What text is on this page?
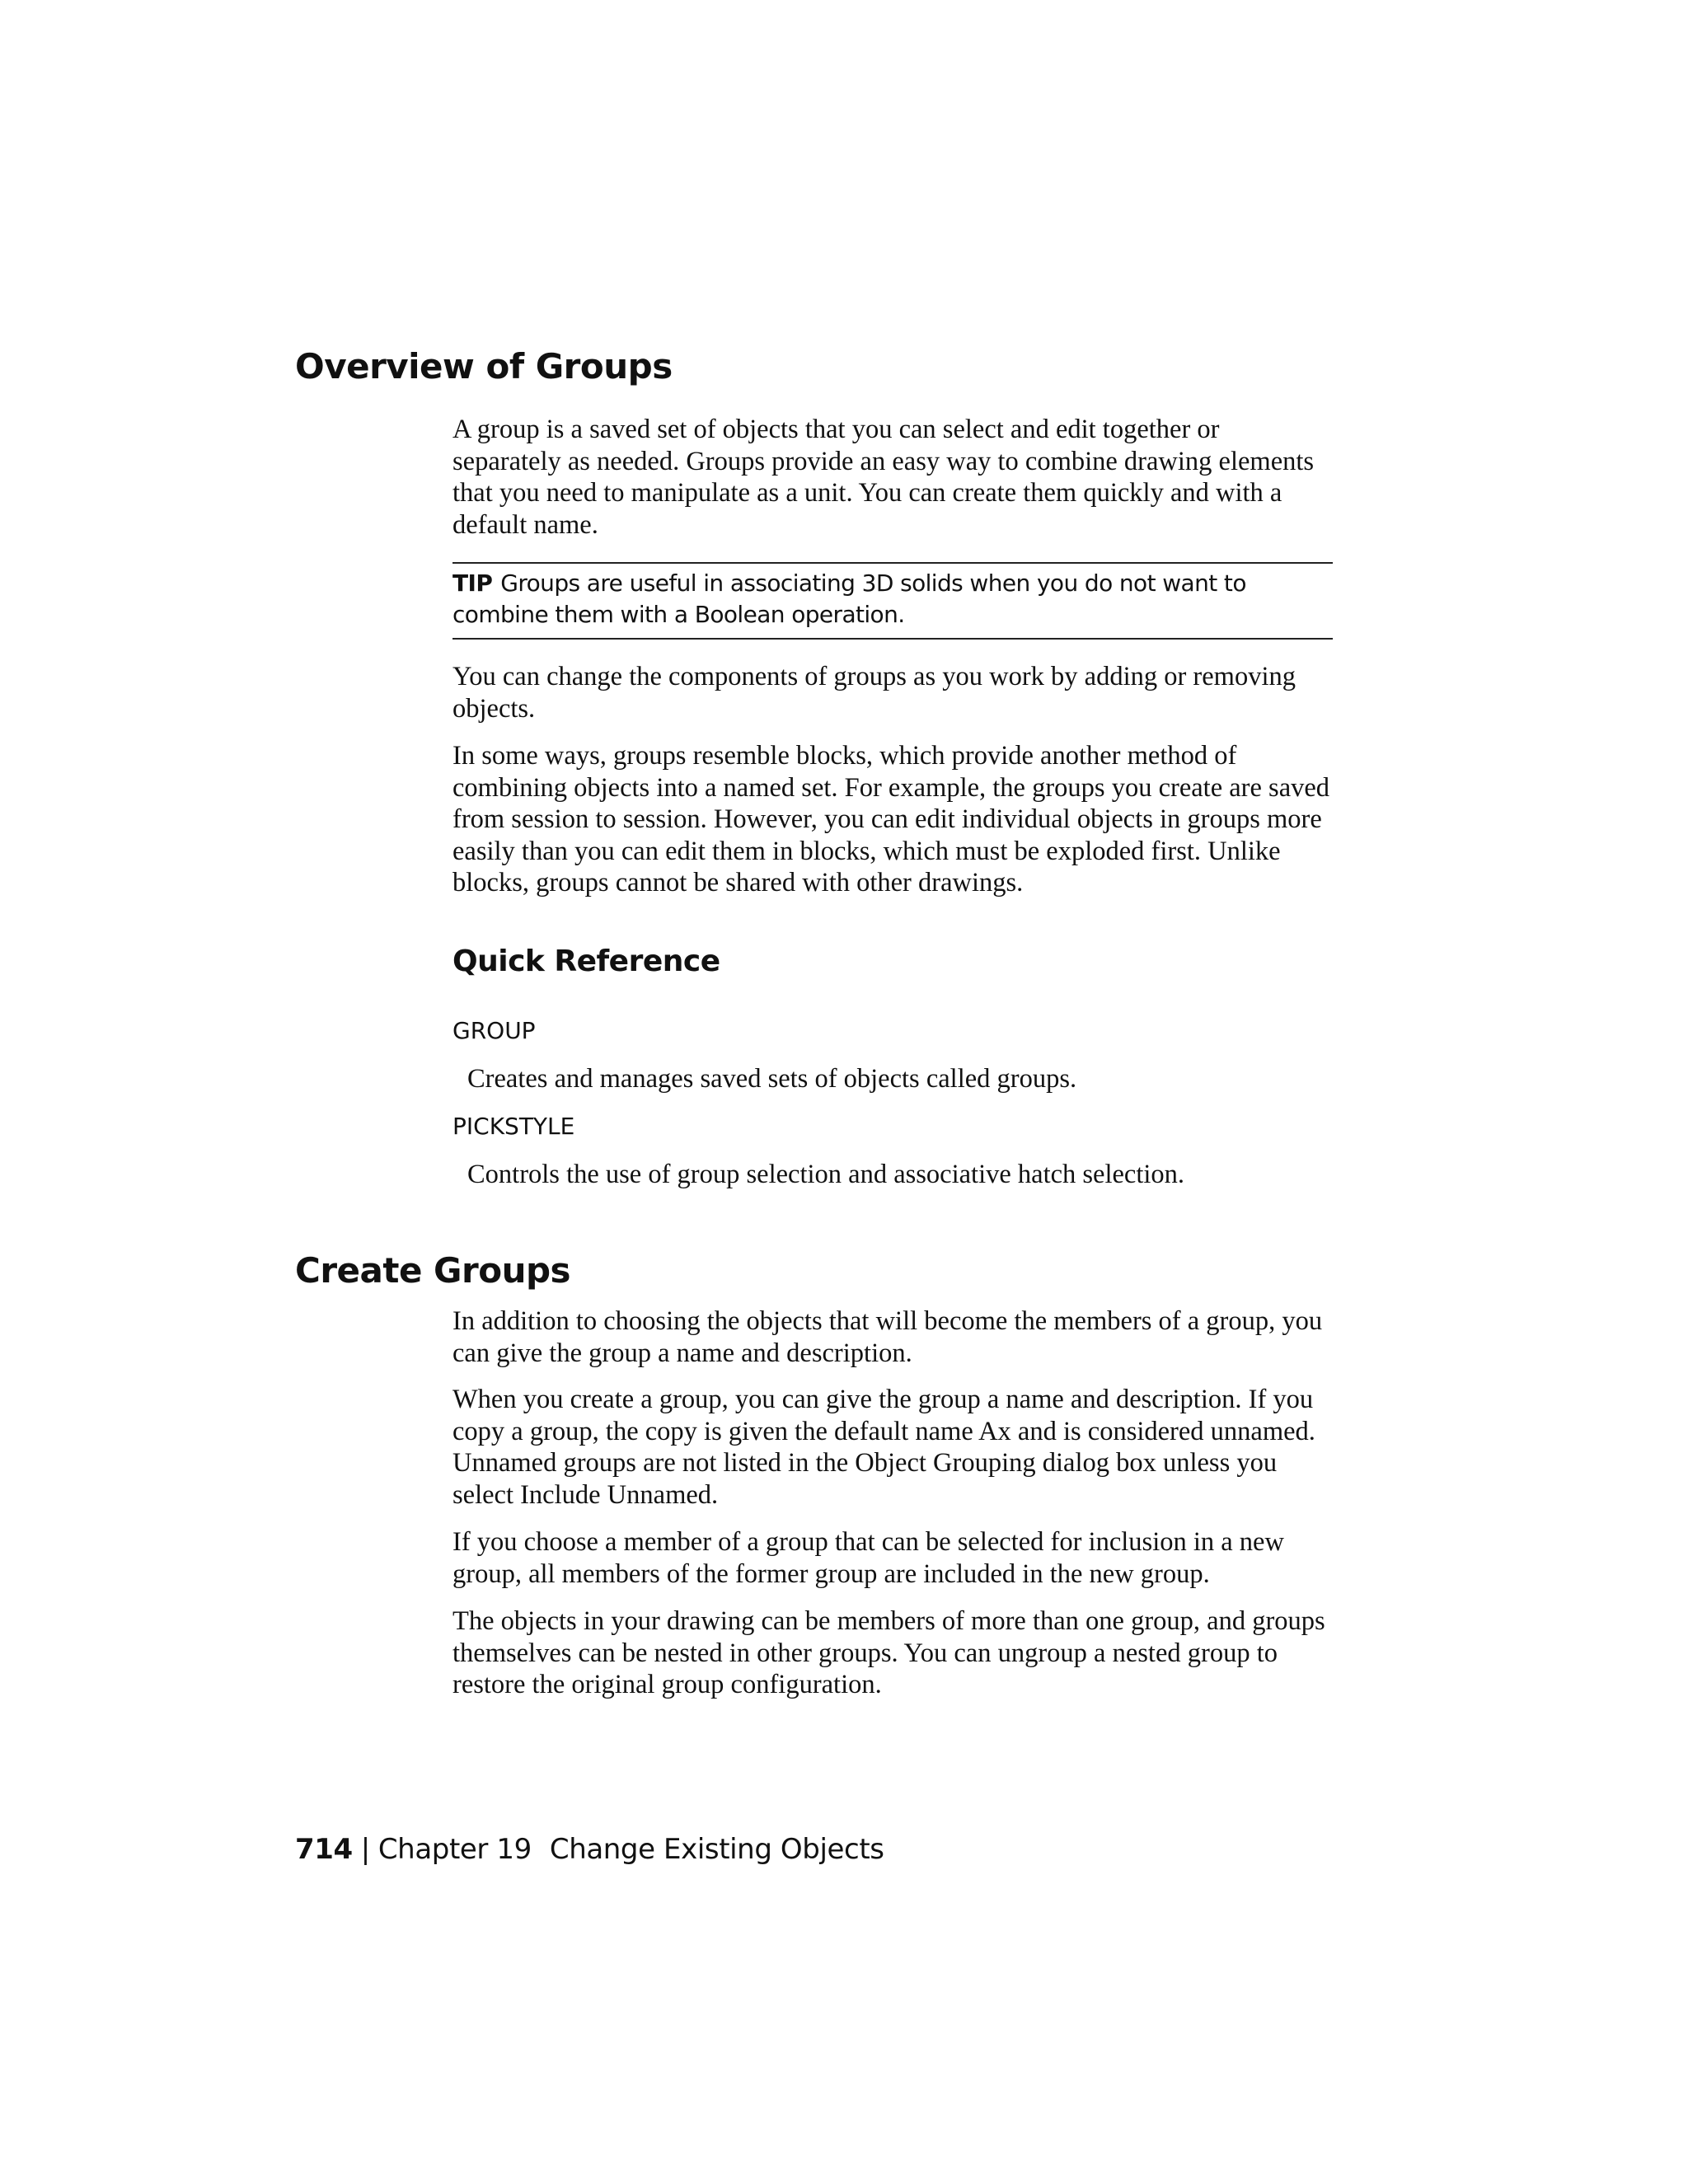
Overview of Groups

A group is a saved set of objects that you can select and edit together or separately as needed. Groups provide an easy way to combine drawing elements that you need to manipulate as a unit. You can create them quickly and with a default name.

TIP Groups are useful in associating 3D solids when you do not want to combine them with a Boolean operation.

You can change the components of groups as you work by adding or removing objects.

In some ways, groups resemble blocks, which provide another method of combining objects into a named set. For example, the groups you create are saved from session to session. However, you can edit individual objects in groups more easily than you can edit them in blocks, which must be exploded first. Unlike blocks, groups cannot be shared with other drawings.

Quick Reference
GROUP
Creates and manages saved sets of objects called groups.
PICKSTYLE
Controls the use of group selection and associative hatch selection.
Create Groups

In addition to choosing the objects that will become the members of a group, you can give the group a name and description.

When you create a group, you can give the group a name and description. If you copy a group, the copy is given the default name Ax and is considered unnamed. Unnamed groups are not listed in the Object Grouping dialog box unless you select Include Unnamed.

If you choose a member of a group that can be selected for inclusion in a new group, all members of the former group are included in the new group.

The objects in your drawing can be members of more than one group, and groups themselves can be nested in other groups. You can ungroup a nested group to restore the original group configuration.

714 | Chapter 19 Change Existing Objects
